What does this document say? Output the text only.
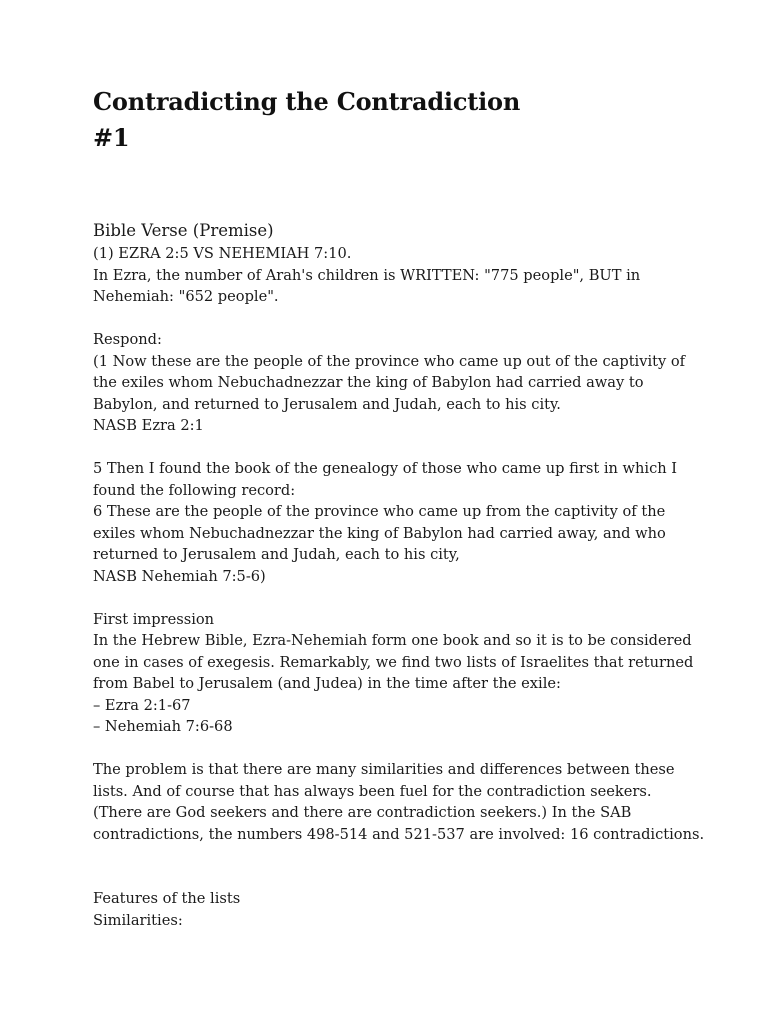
Contradicting the Contradiction
#1
Bible Verse (Premise)
(1) EZRA 2:5 VS NEHEMIAH 7:10.
In Ezra, the number of Arah's children is WRITTEN: "775 people", BUT in
Nehemiah: "652 people".
Respond:
(1 Now these are the people of the province who came up out of the captivity of
the exiles whom Nebuchadnezzar the king of Babylon had carried away to
Babylon, and returned to Jerusalem and Judah, each to his city.
NASB Ezra 2:1
5 Then I found the book of the genealogy of those who came up first in which I
found the following record:
6 These are the people of the province who came up from the captivity of the
exiles whom Nebuchadnezzar the king of Babylon had carried away, and who
returned to Jerusalem and Judah, each to his city,
NASB Nehemiah 7:5-6)
First impression
In the Hebrew Bible, Ezra-Nehemiah form one book and so it is to be considered
one in cases of exegesis. Remarkably, we find two lists of Israelites that returned
from Babel to Jerusalem (and Judea) in the time after the exile:
– Ezra 2:1-67
– Nehemiah 7:6-68
The problem is that there are many similarities and differences between these
lists. And of course that has always been fuel for the contradiction seekers.
(There are God seekers and there are contradiction seekers.) In the SAB
contradictions, the numbers 498-514 and 521-537 are involved: 16 contradictions.
Features of the lists
Similarities:
